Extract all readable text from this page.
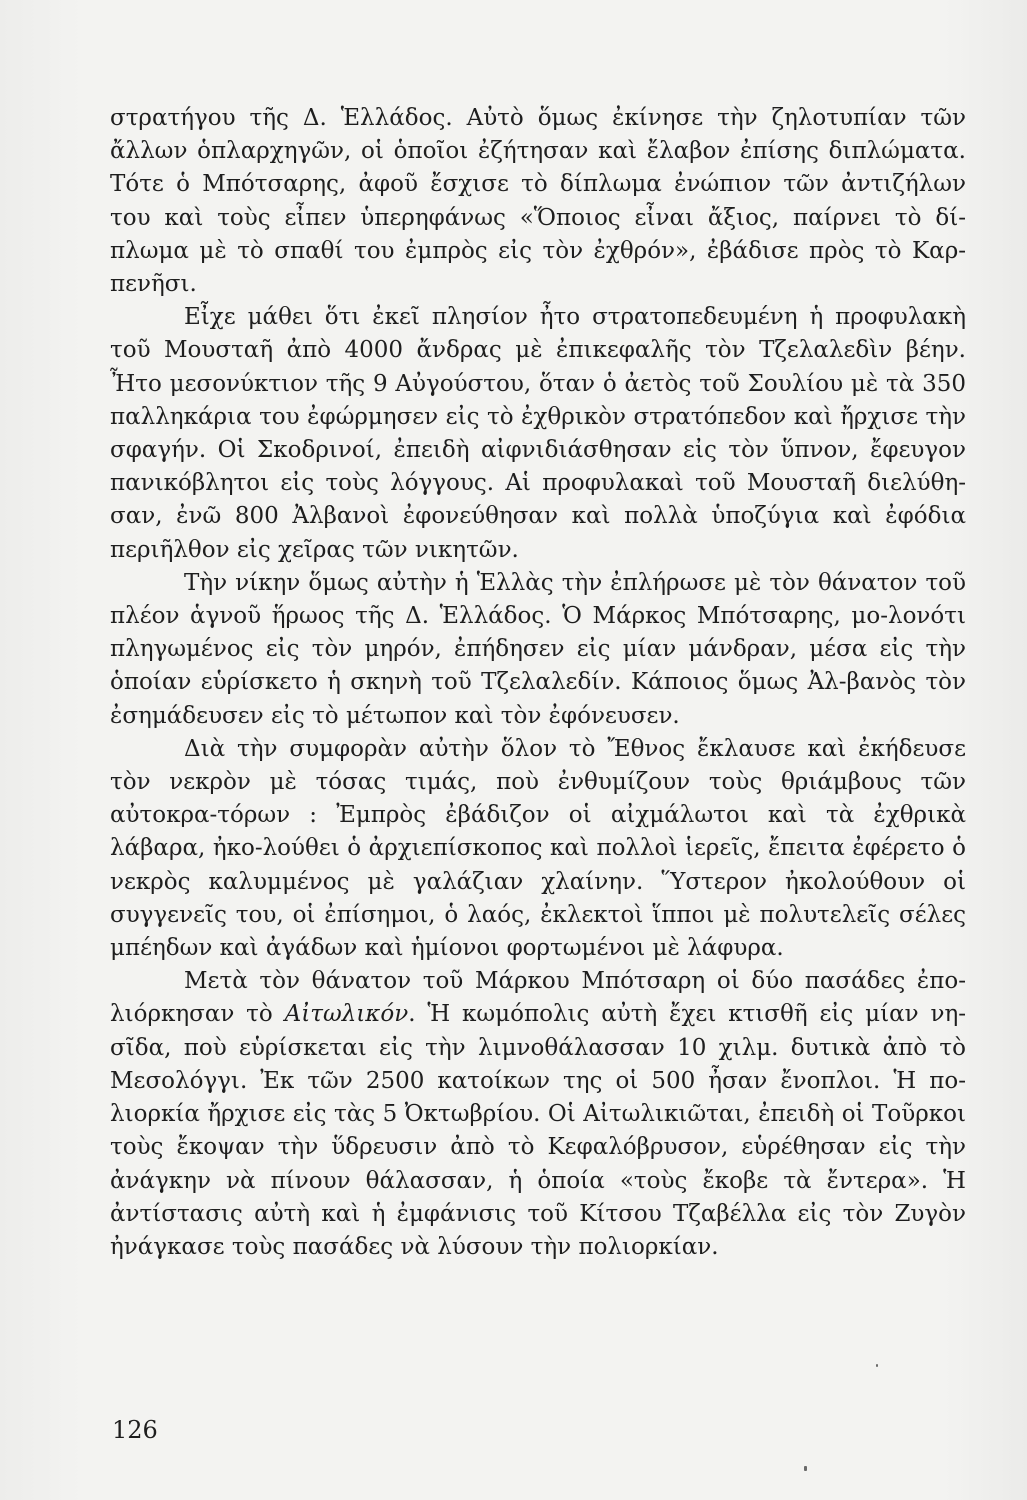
στρατήγου τῆς Δ. Ἑλλάδος. Αὐτὸ ὅμως ἐκίνησε τὴν ζηλοτυπίαν τῶν ἄλλων ὁπλαρχηγῶν, οἱ ὁποῖοι ἐζήτησαν καὶ ἔλαβον ἐπίσης διπλώματα. Τότε ὁ Μπότσαρης, ἀφοῦ ἔσχισε τὸ δίπλωμα ἐνώπιον τῶν ἀντιζήλων του καὶ τοὺς εἶπεν ὑπερηφάνως «Ὅποιος εἶναι ἄξιος, παίρνει τὸ δί-πλωμα μὲ τὸ σπαθί του ἐμπρὸς εἰς τὸν ἐχθρόν», ἐβάδισε πρὸς τὸ Καρ-πενῆσι.

Εἶχε μάθει ὅτι ἐκεῖ πλησίον ἦτο στρατοπεδευμένη ἡ προφυλακὴ τοῦ Μουσταῆ ἀπὸ 4000 ἄνδρας μὲ ἐπικεφαλῆς τὸν Τζελαλεδὶν βέην. Ἦτο μεσονύκτιον τῆς 9 Αὐγούστου, ὅταν ὁ ἀετὸς τοῦ Σουλίου μὲ τὰ 350 παλληκάρια του ἐφώρμησεν εἰς τὸ ἐχθρικὸν στρατόπεδον καὶ ἤρχισε τὴν σφαγήν. Οἱ Σκοδρινοί, ἐπειδὴ αἰφνιδιάσθησαν εἰς τὸν ὕπνον, ἔφευγον πανικόβλητοι εἰς τοὺς λόγγους. Αἱ προφυλακαὶ τοῦ Μουσταῆ διελύθη-σαν, ἐνῶ 800 Ἀλβανοὶ ἐφονεύθησαν καὶ πολλὰ ὑποζύγια καὶ ἐφόδια περιῆλθον εἰς χεῖρας τῶν νικητῶν.

Τὴν νίκην ὅμως αὐτὴν ἡ Ἑλλὰς τὴν ἐπλήρωσε μὲ τὸν θάνατον τοῦ πλέον ἁγνοῦ ἥρωος τῆς Δ. Ἑλλάδος. Ὁ Μάρκος Μπότσαρης, μο-λονότι πληγωμένος εἰς τὸν μηρόν, ἐπήδησεν εἰς μίαν μάνδραν, μέσα εἰς τὴν ὁποίαν εὑρίσκετο ἡ σκηνὴ τοῦ Τζελαλεδίν. Κάποιος ὅμως Ἀλ-βανὸς τὸν ἐσημάδευσεν εἰς τὸ μέτωπον καὶ τὸν ἐφόνευσεν.

Διὰ τὴν συμφορὰν αὐτὴν ὅλον τὸ Ἔθνος ἔκλαυσε καὶ ἐκήδευσε τὸν νεκρὸν μὲ τόσας τιμάς, ποὺ ἐνθυμίζουν τοὺς θριάμβους τῶν αὐτοκρα-τόρων : Ἐμπρὸς ἐβάδιζον οἱ αἰχμάλωτοι καὶ τὰ ἐχθρικὰ λάβαρα, ἠκο-λούθει ὁ ἀρχιεπίσκοπος καὶ πολλοὶ ἱερεῖς, ἔπειτα ἐφέρετο ὁ νεκρὸς καλυμμένος μὲ γαλάζιαν χλαίνην. Ὕστερον ἠκολούθουν οἱ συγγενεῖς του, οἱ ἐπίσημοι, ὁ λαός, ἐκλεκτοὶ ἵπποι μὲ πολυτελεῖς σέλες μπέηδων καὶ ἀγάδων καὶ ἡμίονοι φορτωμένοι μὲ λάφυρα.

Μετὰ τὸν θάνατον τοῦ Μάρκου Μπότσαρη οἱ δύο πασάδες ἐπο-λιόρκησαν τὸ Αἰτωλικόν. Ἡ κωμόπολις αὐτὴ ἔχει κτισθῆ εἰς μίαν νη-σῖδα, ποὺ εὑρίσκεται εἰς τὴν λιμνοθάλασσαν 10 χιλμ. δυτικὰ ἀπὸ τὸ Μεσολόγγι. Ἐκ τῶν 2500 κατοίκων της οἱ 500 ἦσαν ἔνοπλοι. Ἡ πο-λιορκία ἤρχισε εἰς τὰς 5 Ὀκτωβρίου. Οἱ Αἰτωλικιῶται, ἐπειδὴ οἱ Τοῦρκοι τοὺς ἔκοψαν τὴν ὕδρευσιν ἀπὸ τὸ Κεφαλόβρυσον, εὑρέθησαν εἰς τὴν ἀνάγκην νὰ πίνουν θάλασσαν, ἡ ὁποία «τοὺς ἔκοβε τὰ ἔντερα». Ἡ ἀντίστασις αὐτὴ καὶ ἡ ἐμφάνισις τοῦ Κίτσου Τζαβέλλα εἰς τὸν Ζυγὸν ἠνάγκασε τοὺς πασάδες νὰ λύσουν τὴν πολιορκίαν.

126
